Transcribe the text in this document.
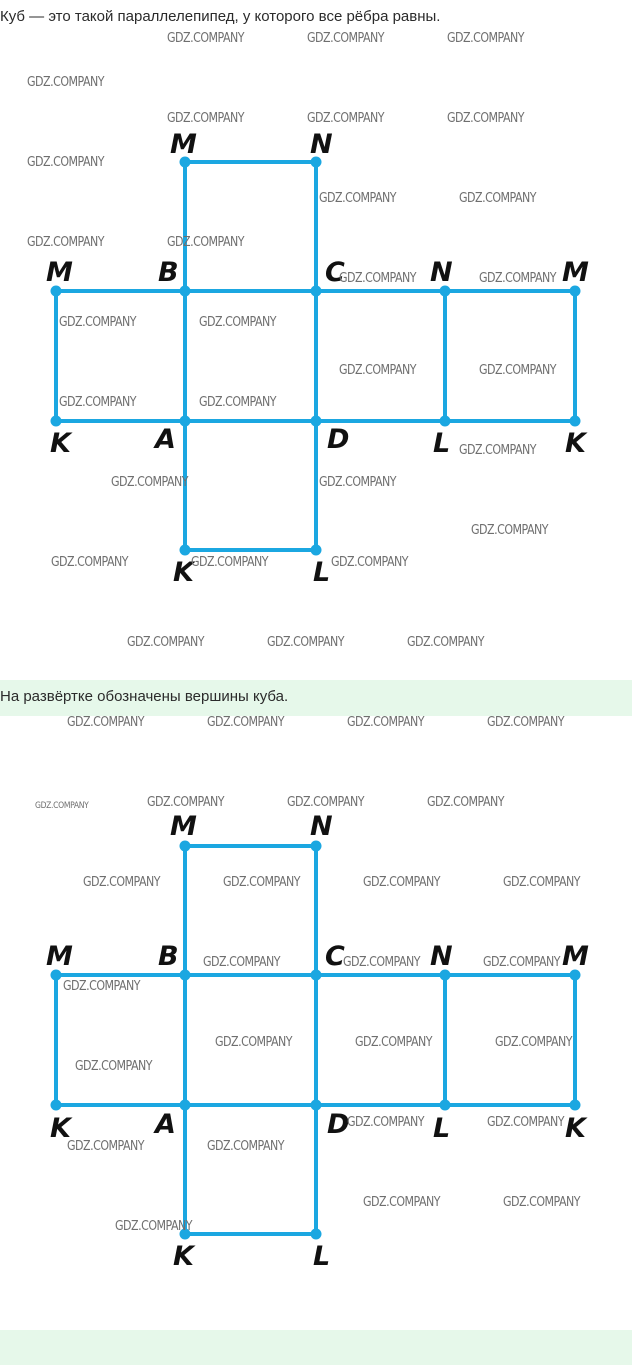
Куб — это такой параллелепипед, у которого все рёбра равны.
M	N
M	B	C	N	M
K	A	D	L	K
K	L
GDZ.COMPANY	GDZ.COMPANY	GDZ.COMPANY
GDZ.COMPANY
GDZ.COMPANY	GDZ.COMPANY	GDZ.COMPANY
GDZ.COMPANY
GDZ.COMPANY	GDZ.COMPANY
GDZ.COMPANY	GDZ.COMPANY
GDZ.COMPANY	GDZ.COMPANY
GDZ.COMPANY	GDZ.COMPANY
GDZ.COMPANY	GDZ.COMPANY
GDZ.COMPANY	GDZ.COMPANY
GDZ.COMPANY
GDZ.COMPANY	GDZ.COMPANY
GDZ.COMPANY
GDZ.COMPANY	GDZ.COMPANY	GDZ.COMPANY
GDZ.COMPANY	GDZ.COMPANY	GDZ.COMPANY
На развёртке обозначены вершины куба.
M	N
M	B	C	N	M
K	A	D	L	K
K	L
GDZ.COMPANY	GDZ.COMPANY	GDZ.COMPANY	GDZ.COMPANY
GDZ.COMPANY	GDZ.COMPANY	GDZ.COMPANY	GDZ.COMPANY
GDZ.COMPANY	GDZ.COMPANY	GDZ.COMPANY	GDZ.COMPANY
GDZ.COMPANY	GDZ.COMPANY	GDZ.COMPANY
GDZ.COMPANY
GDZ.COMPANY	GDZ.COMPANY	GDZ.COMPANY
GDZ.COMPANY
GDZ.COMPANY	GDZ.COMPANY
GDZ.COMPANY	GDZ.COMPANY
GDZ.COMPANY	GDZ.COMPANY
GDZ.COMPANY
